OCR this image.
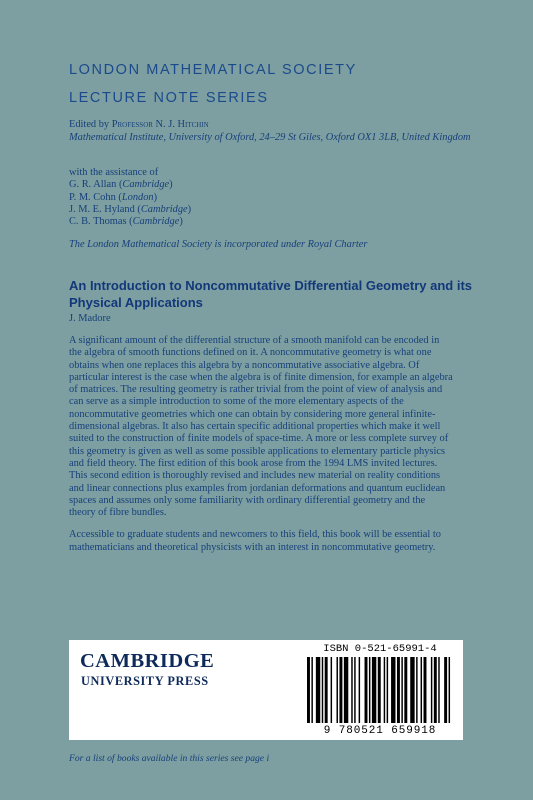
LONDON MATHEMATICAL SOCIETY
LECTURE NOTE SERIES
Edited by Professor N. J. Hitchin
Mathematical Institute, University of Oxford, 24–29 St Giles, Oxford OX1 3LB, United Kingdom
with the assistance of
G. R. Allan (Cambridge)
P. M. Cohn (London)
J. M. E. Hyland (Cambridge)
C. B. Thomas (Cambridge)
The London Mathematical Society is incorporated under Royal Charter
An Introduction to Noncommutative Differential Geometry and its Physical Applications
J. Madore

A significant amount of the differential structure of a smooth manifold can be encoded in the algebra of smooth functions defined on it. A noncommutative geometry is what one obtains when one replaces this algebra by a noncommutative associative algebra. Of particular interest is the case when the algebra is of finite dimension, for example an algebra of matrices. The resulting geometry is rather trivial from the point of view of analysis and can serve as a simple introduction to some of the more elementary aspects of the noncommutative geometries which one can obtain by considering more general infinite-dimensional algebras. It also has certain specific additional properties which make it well suited to the construction of finite models of space-time. A more or less complete survey of this geometry is given as well as some possible applications to elementary particle physics and field theory. The first edition of this book arose from the 1994 LMS invited lectures. This second edition is thoroughly revised and includes new material on reality conditions and linear connections plus examples from jordanian deformations and quantum euclidean spaces and assumes only some familiarity with ordinary differential geometry and the theory of fibre bundles.

Accessible to graduate students and newcomers to this field, this book will be essential to mathematicians and theoretical physicists with an interest in noncommutative geometry.

CAMBRIDGE
UNIVERSITY PRESS
ISBN 0-521-65991-4
9 780521 659918
For a list of books available in this series see page i
